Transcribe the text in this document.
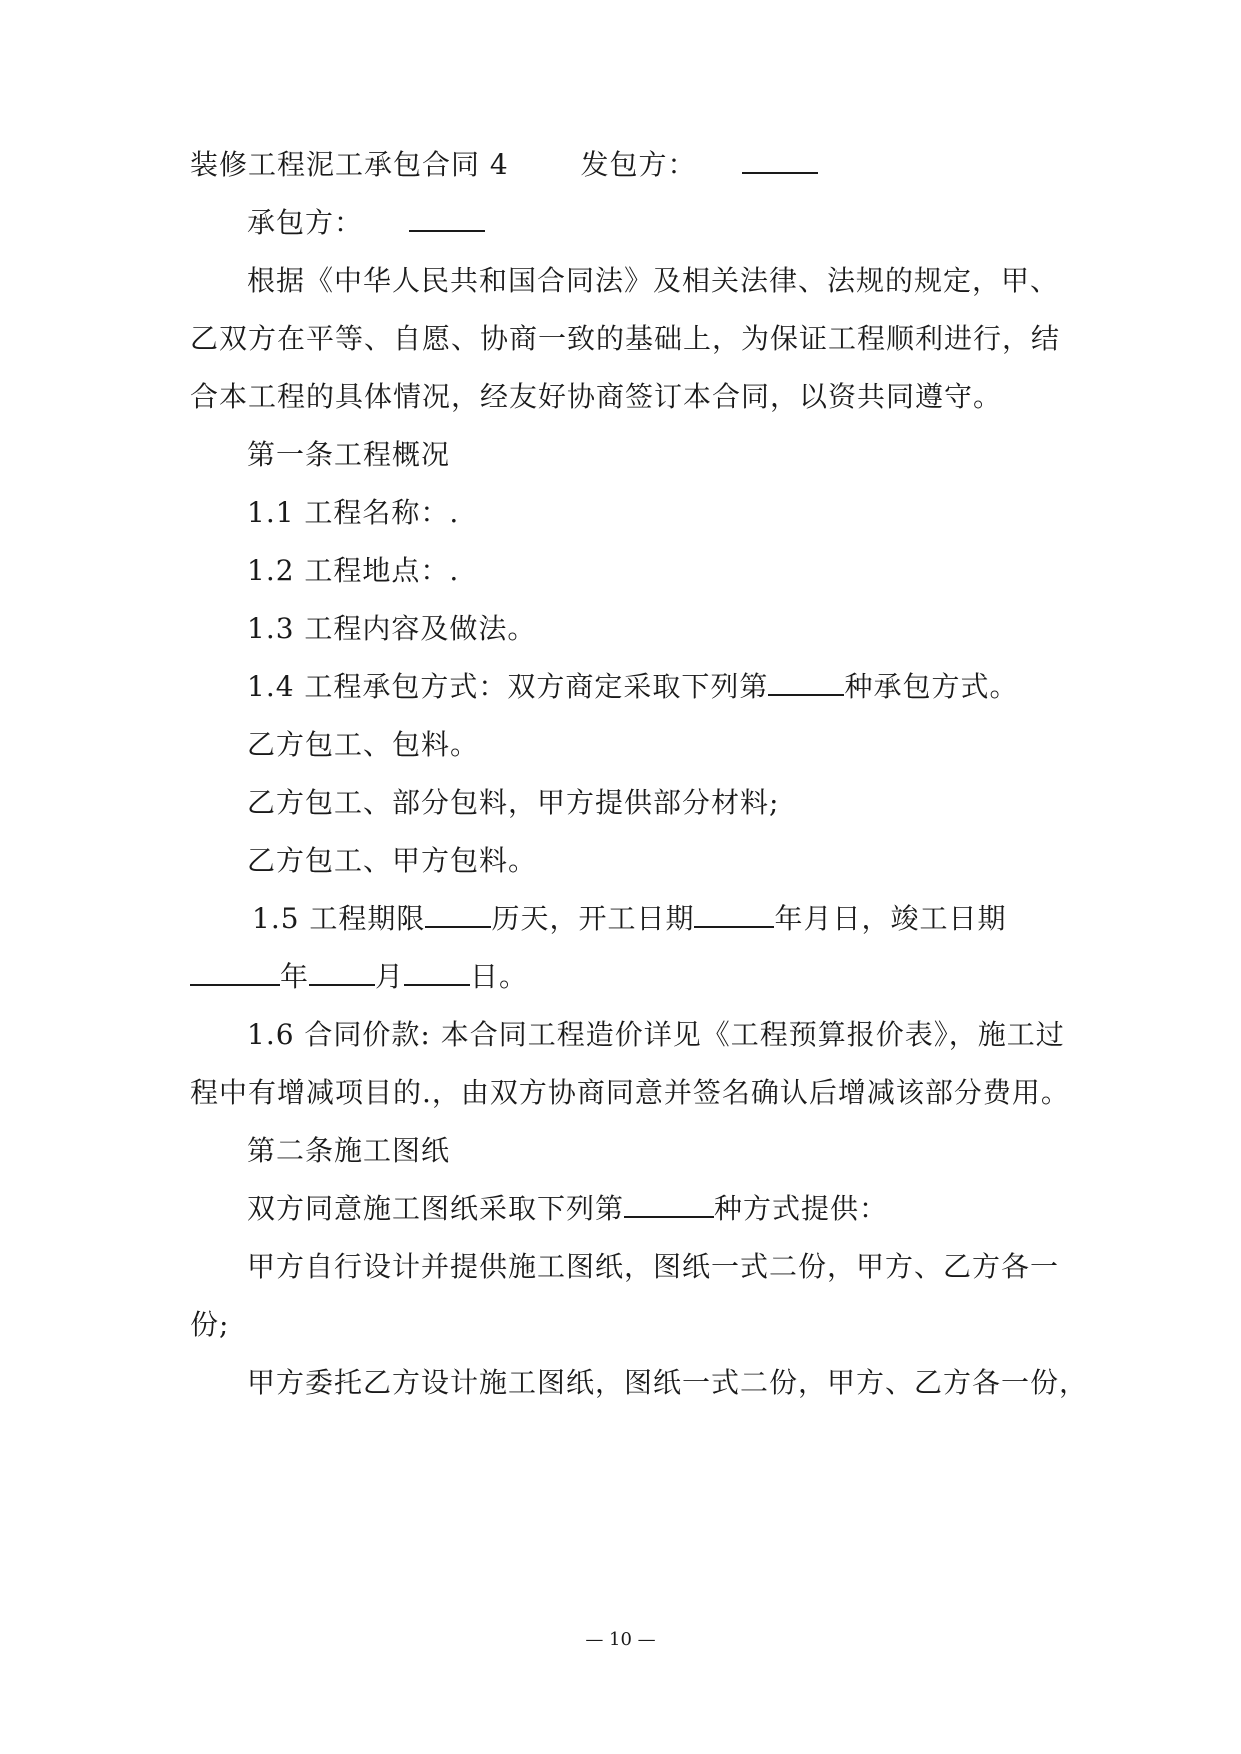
装修工程泥工承包合同 4	发包方：
承包方：
根据《中华人民共和国合同法》及相关法律、法规的规定，甲、
乙双方在平等、自愿、协商一致的基础上，为保证工程顺利进行，结
合本工程的具体情况，经友好协商签订本合同，以资共同遵守。
第一条工程概况
1.1 工程名称：.
1.2 工程地点：.
1.3 工程内容及做法。
1.4 工程承包方式：双方商定采取下列第	种承包方式。
乙方包工、包料。
乙方包工、部分包料，甲方提供部分材料;
乙方包工、甲方包料。
1.5 工程期限 历天，开工日期	年月日，竣工日期
年 月 日。
1.6 合同价款: 本合同工程造价详见《工程预算报价表》，施工过
程中有增减项目的.，由双方协商同意并签名确认后增减该部分费用。
第二条施工图纸
双方同意施工图纸采取下列第	种方式提供：
甲方自行设计并提供施工图纸，图纸一式二份，甲方、乙方各一
份;
甲方委托乙方设计施工图纸，图纸一式二份，甲方、乙方各一份，
— 10 —
